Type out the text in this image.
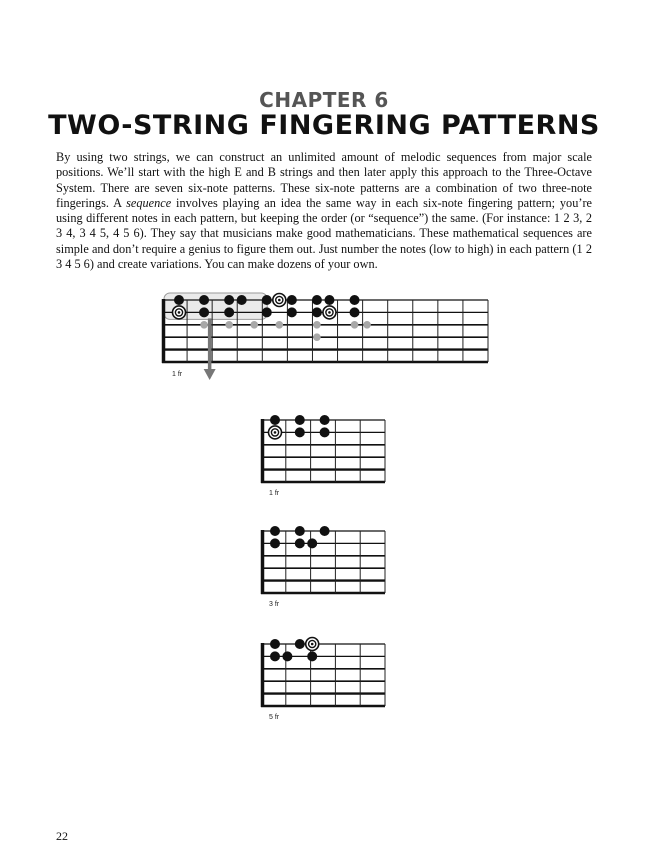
CHAPTER 6
TWO-STRING FINGERING PATTERNS
By using two strings, we can construct an unlimited amount of melodic sequences from major scale positions. We’ll start with the high E and B strings and then later apply this approach to the Three-Octave System. There are seven six-note patterns. These six-note patterns are a combination of two three-note fingerings. A sequence involves playing an idea the same way in each six-note fingering pattern; you’re using different notes in each pattern, but keeping the order (or “sequence”) the same. (For instance: 1 2 3, 2 3 4, 3 4 5, 4 5 6). They say that musicians make good mathematicians. These mathematical sequences are simple and don’t require a genius to figure them out. Just number the notes (low to high) in each pattern (1 2 3 4 5 6) and create variations. You can make dozens of your own.
1 fr
1 fr
3 fr
5 fr
22
